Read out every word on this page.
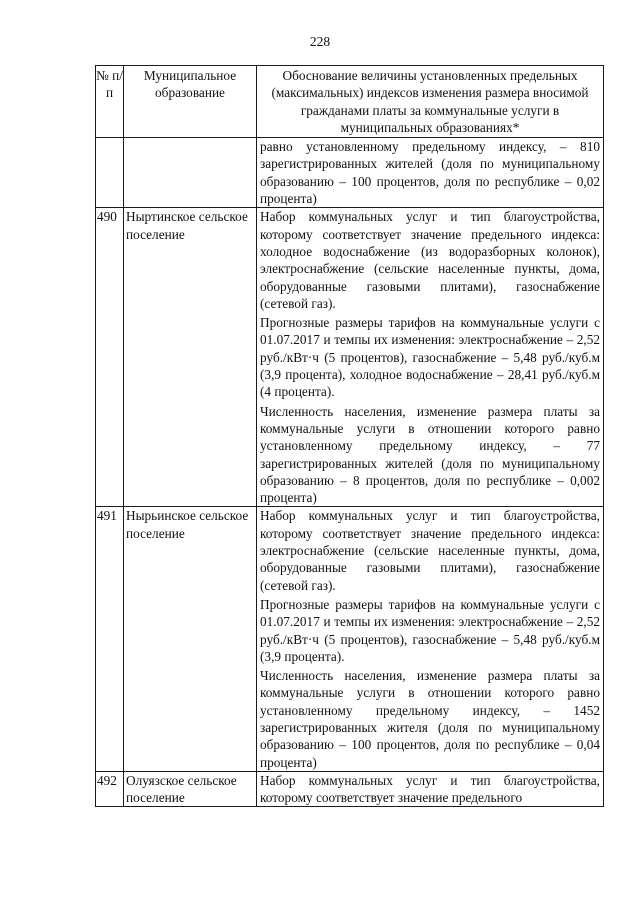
228
№ п/п	Муниципальное образование	Обоснование величины установленных предельных (максимальных) индексов изменения размера вносимой гражданами платы за коммунальные услуги в муниципальных образованиях*

		равно установленному предельному индексу, – 810 зарегистрированных жителей (доля по муниципальному образованию – 100 процентов, доля по республике – 0,02 процента)

490	Ныртинское сельское поселение	Набор коммунальных услуг и тип благоустройства, которому соответствует значение предельного индекса: холодное водоснабжение (из водоразборных колонок), электроснабжение (сельские населенные пункты, дома, оборудованные газовыми плитами), газоснабжение (сетевой газ).

Прогнозные размеры тарифов на коммунальные услуги с 01.07.2017 и темпы их изменения: электроснабжение – 2,52 руб./кВт·ч (5 процентов), газоснабжение – 5,48 руб./куб.м (3,9 процента), холодное водоснабжение – 28,41 руб./куб.м (4 процента).

Численность населения, изменение размера платы за коммунальные услуги в отношении которого равно установленному предельному индексу, – 77 зарегистрированных жителей (доля по муниципальному образованию – 8 процентов, доля по республике – 0,002 процента)

491	Нырьинское сельское поселение	Набор коммунальных услуг и тип благоустройства, которому соответствует значение предельного индекса: электроснабжение (сельские населенные пункты, дома, оборудованные газовыми плитами), газоснабжение (сетевой газ).

Прогнозные размеры тарифов на коммунальные услуги с 01.07.2017 и темпы их изменения: электроснабжение – 2,52 руб./кВт·ч (5 процентов), газоснабжение – 5,48 руб./куб.м (3,9 процента).

Численность населения, изменение размера платы за коммунальные услуги в отношении которого равно установленному предельному индексу, – 1452 зарегистрированных жителя (доля по муниципальному образованию – 100 процентов, доля по республике – 0,04 процента)

492	Олуязское сельское поселение	Набор коммунальных услуг и тип благоустройства, которому соответствует значение предельного
